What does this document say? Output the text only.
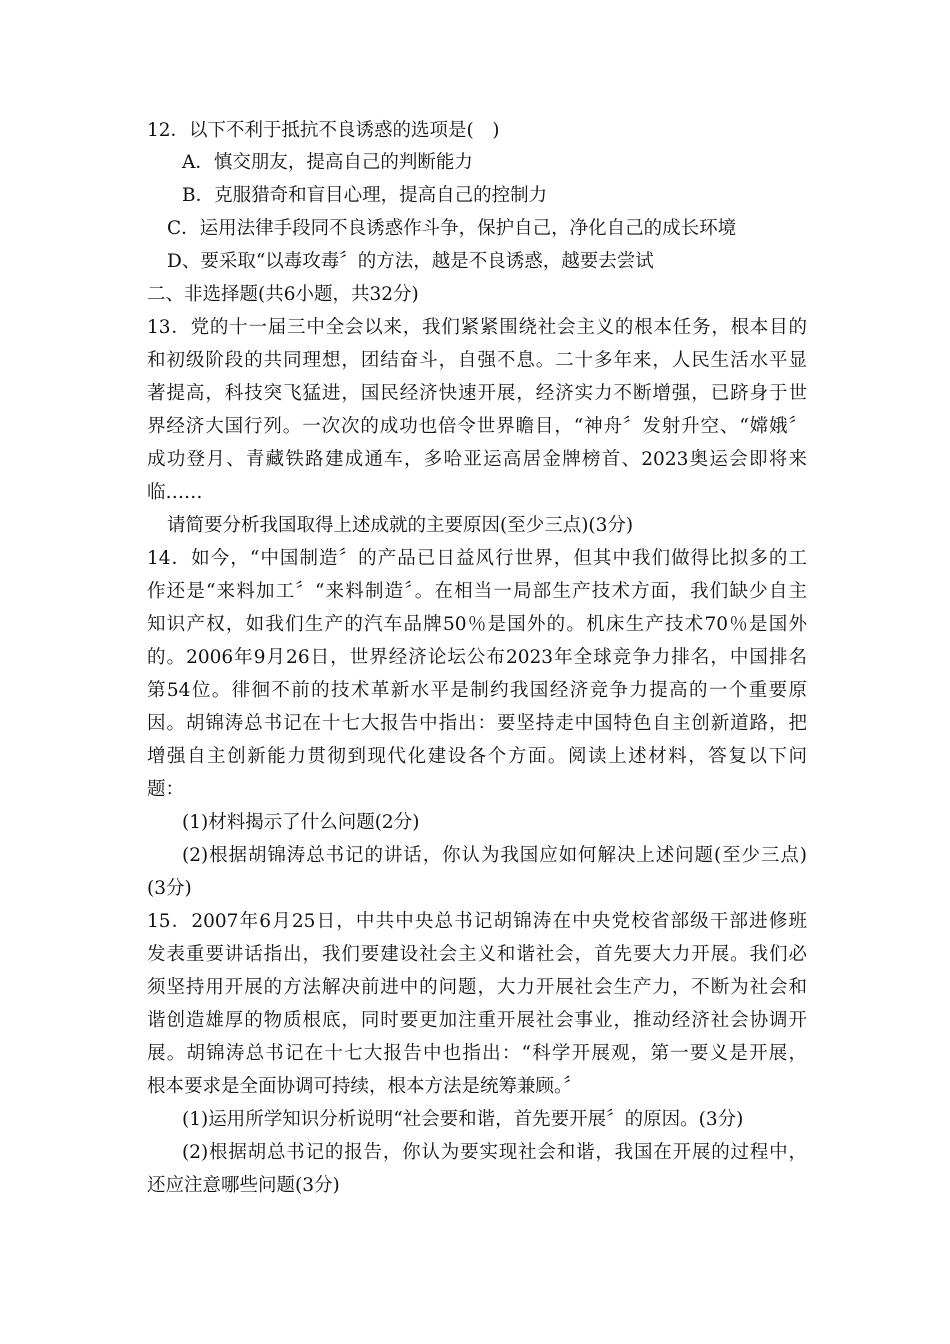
12．以下不利于抵抗不良诱惑的选项是(　)
A．慎交朋友，提高自己的判断能力
B．克服猎奇和盲目心理，提高自己的控制力
C．运用法律手段同不良诱惑作斗争，保护自己，净化自己的成长环境
D、要采取“以毒攻毒〞的方法，越是不良诱惑，越要去尝试
二、非选择题(共6小题，共32分)
13．党的十一届三中全会以来，我们紧紧围绕社会主义的根本任务，根本目的
和初级阶段的共同理想，团结奋斗，自强不息。二十多年来，人民生活水平显
著提高，科技突飞猛进，国民经济快速开展，经济实力不断增强，已跻身于世
界经济大国行列。一次次的成功也倍令世界瞻目，“神舟〞发射升空、“嫦娥〞
成功登月、青藏铁路建成通车，多哈亚运高居金牌榜首、2023奥运会即将来
临……
请简要分析我国取得上述成就的主要原因(至少三点)(3分)
14．如今，“中国制造〞的产品已日益风行世界，但其中我们做得比拟多的工
作还是“来料加工〞“来料制造〞。在相当一局部生产技术方面，我们缺少自主
知识产权，如我们生产的汽车品牌50％是国外的。机床生产技术70％是国外
的。2006年9月26日，世界经济论坛公布2023年全球竞争力排名，中国排名
第54位。徘徊不前的技术革新水平是制约我国经济竞争力提高的一个重要原
因。胡锦涛总书记在十七大报告中指出：要坚持走中国特色自主创新道路，把
增强自主创新能力贯彻到现代化建设各个方面。阅读上述材料，答复以下问
题：
(1)材料揭示了什么问题(2分)
(2)根据胡锦涛总书记的讲话，你认为我国应如何解决上述问题(至少三点)
(3分)
15．2007年6月25日，中共中央总书记胡锦涛在中央党校省部级干部进修班
发表重要讲话指出，我们要建设社会主义和谐社会，首先要大力开展。我们必
须坚持用开展的方法解决前进中的问题，大力开展社会生产力，不断为社会和
谐创造雄厚的物质根底，同时要更加注重开展社会事业，推动经济社会协调开
展。胡锦涛总书记在十七大报告中也指出：“科学开展观，第一要义是开展，
根本要求是全面协调可持续，根本方法是统筹兼顾。〞
(1)运用所学知识分析说明“社会要和谐，首先要开展〞的原因。(3分)
(2)根据胡总书记的报告，你认为要实现社会和谐，我国在开展的过程中，
还应注意哪些问题(3分)
